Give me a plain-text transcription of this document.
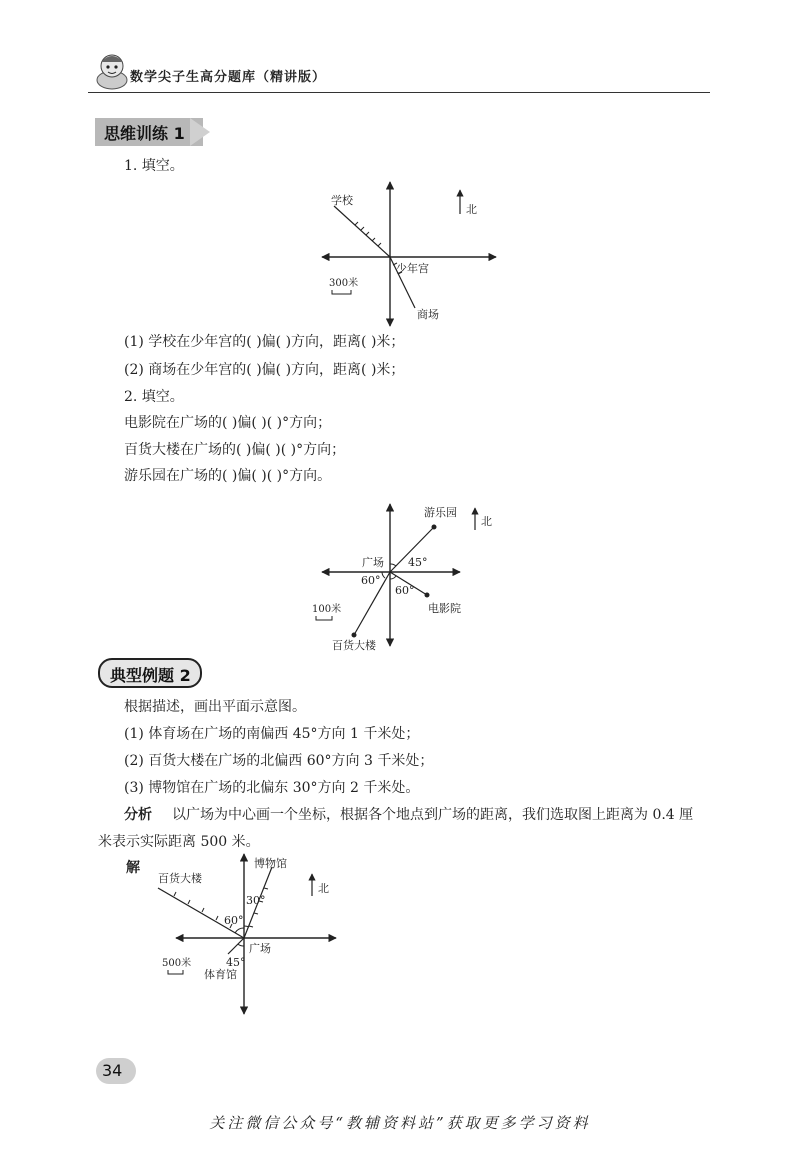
数学尖子生高分题库（精讲版）
思维训练 1
1. 填空。
学校
少年宫
商场
300米
北
(1) 学校在少年宫的( )偏( )方向，距离( )米；
(2) 商场在少年宫的( )偏( )方向，距离( )米；
2. 填空。
电影院在广场的( )偏( )( )°方向；
百货大楼在广场的( )偏( )( )°方向；
游乐园在广场的( )偏( )( )°方向。
游乐园
广场 45°
60°
60°
电影院
百货大楼
100米
北
典型例题 2
根据描述，画出平面示意图。
(1) 体育场在广场的南偏西 45°方向 1 千米处；
(2) 百货大楼在广场的北偏西 60°方向 3 千米处；
(3) 博物馆在广场的北偏东 30°方向 2 千米处。
分析 以广场为中心画一个坐标，根据各个地点到广场的距离，我们选取图上距离为 0.4 厘
米表示实际距离 500 米。
解
百货大楼
博物馆
60°
30°
广场
45°
体育馆
500米
北
34
关注微信公众号“教辅资料站”获取更多学习资料
